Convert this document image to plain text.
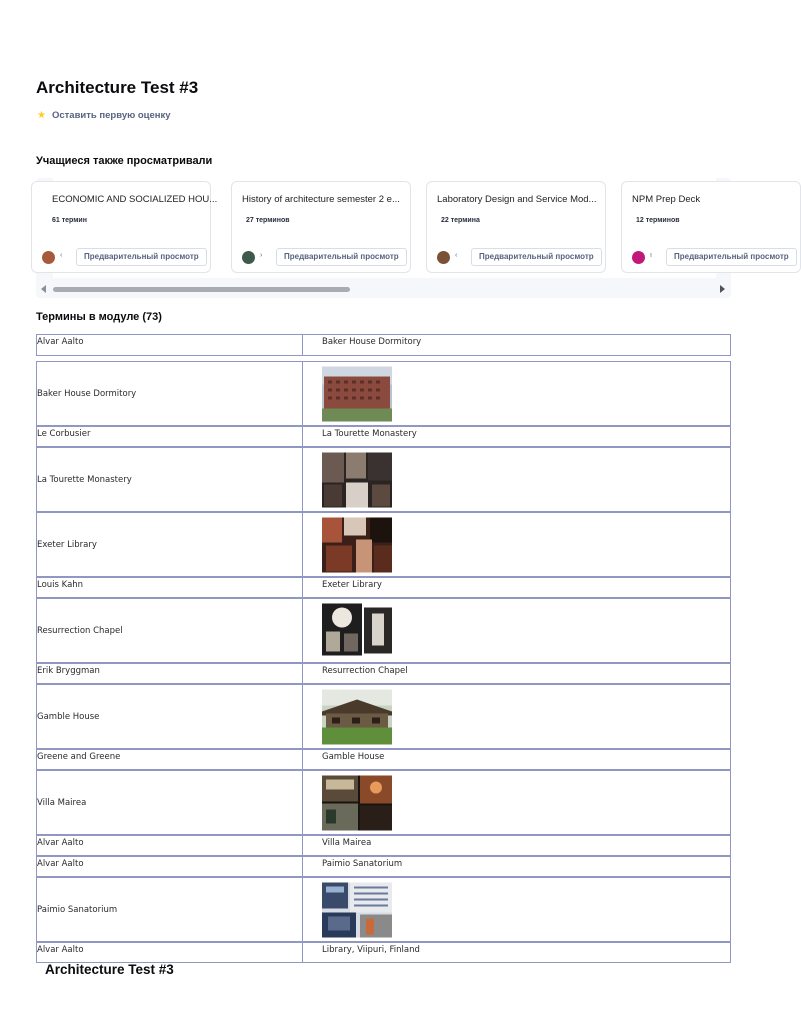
Architecture Test #3
★ Оставить первую оценку
Учащиеся также просматривали
ECONOMIC AND SOCIALIZED HOU...
61 термин
‹	Предварительный просмотр
History of architecture semester 2 e...
27 терминов
›	Предварительный просмотр
Laboratory Design and Service Mod...
22 термина
‹	Предварительный просмотр
NPM Prep Deck
12 терминов
ı	Предварительный просмотр
Термины в модуле (73)
Alvar Aalto	Baker House Dormitory
Baker House Dormitory
Le Corbusier	La Tourette Monastery
La Tourette Monastery
Exeter Library
Louis Kahn	Exeter Library
Resurrection Chapel
Erik Bryggman	Resurrection Chapel
Gamble House
Greene and Greene	Gamble House
Villa Mairea
Alvar Aalto	Villa Mairea
Alvar Aalto	Paimio Sanatorium
Paimio Sanatorium
Alvar Aalto	Library, Viipuri, Finland
Architecture Test #3
